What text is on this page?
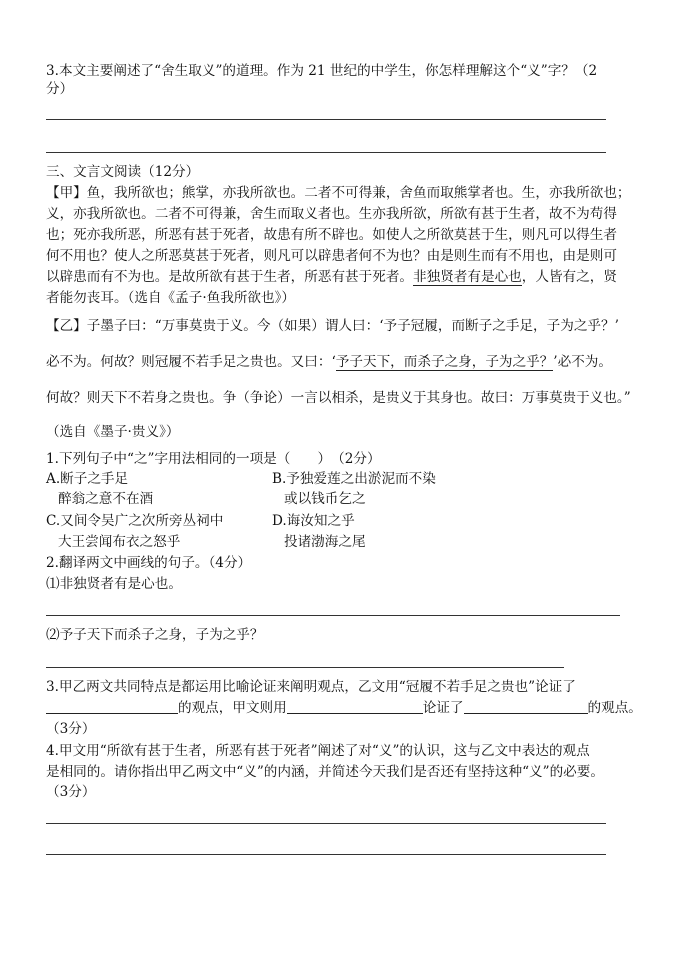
3.本文主要阐述了“舍生取义”的道理。作为 21 世纪的中学生，你怎样理解这个“义”字？（2
分）
三、文言文阅读（12分）
【甲】鱼，我所欲也；熊掌，亦我所欲也。二者不可得兼，舍鱼而取熊掌者也。生，亦我所欲也；
义，亦我所欲也。二者不可得兼，舍生而取义者也。生亦我所欲，所欲有甚于生者，故不为苟得
也；死亦我所恶，所恶有甚于死者，故患有所不辟也。如使人之所欲莫甚于生，则凡可以得生者
何不用也？使人之所恶莫甚于死者，则凡可以辟患者何不为也？由是则生而有不用也，由是则可
以辟患而有不为也。是故所欲有甚于生者，所恶有甚于死者。非独贤者有是心也，人皆有之，贤
者能勿丧耳。（选自《孟子·鱼我所欲也》）
【乙】子墨子曰：“万事莫贵于义。今（如果）谓人曰：‘予子冠履，而断子之手足，子为之乎？’
必不为。何故？则冠履不若手足之贵也。又曰：‘予子天下，而杀子之身，子为之乎？’必不为。
何故？则天下不若身之贵也。争（争论）一言以相杀，是贵义于其身也。故曰：万事莫贵于义也。”
（选自《墨子·贵义》）
1.下列句子中“之”字用法相同的一项是（　　）　（2分）
A.断子之手足
醉翁之意不在酒
B.予独爱莲之出淤泥而不染
或以钱币乞之
C.又间令吴广之次所旁丛祠中
大王尝闻布衣之怒乎
D.诲汝知之乎
投诸渤海之尾
2.翻译两文中画线的句子。（4分）
⑴非独贤者有是心也。
⑵予子天下而杀子之身，子为之乎？
3.甲乙两文共同特点是都运用比喻论证来阐明观点，乙文用“冠履不若手足之贵也”论证了
的观点，甲文则用	论证了	的观点。
（3分）
4.甲文用“所欲有甚于生者，所恶有甚于死者”阐述了对“义”的认识，这与乙文中表达的观点
是相同的。请你指出甲乙两文中“义”的内涵，并简述今天我们是否还有坚持这种“义”的必要。
（3分）
